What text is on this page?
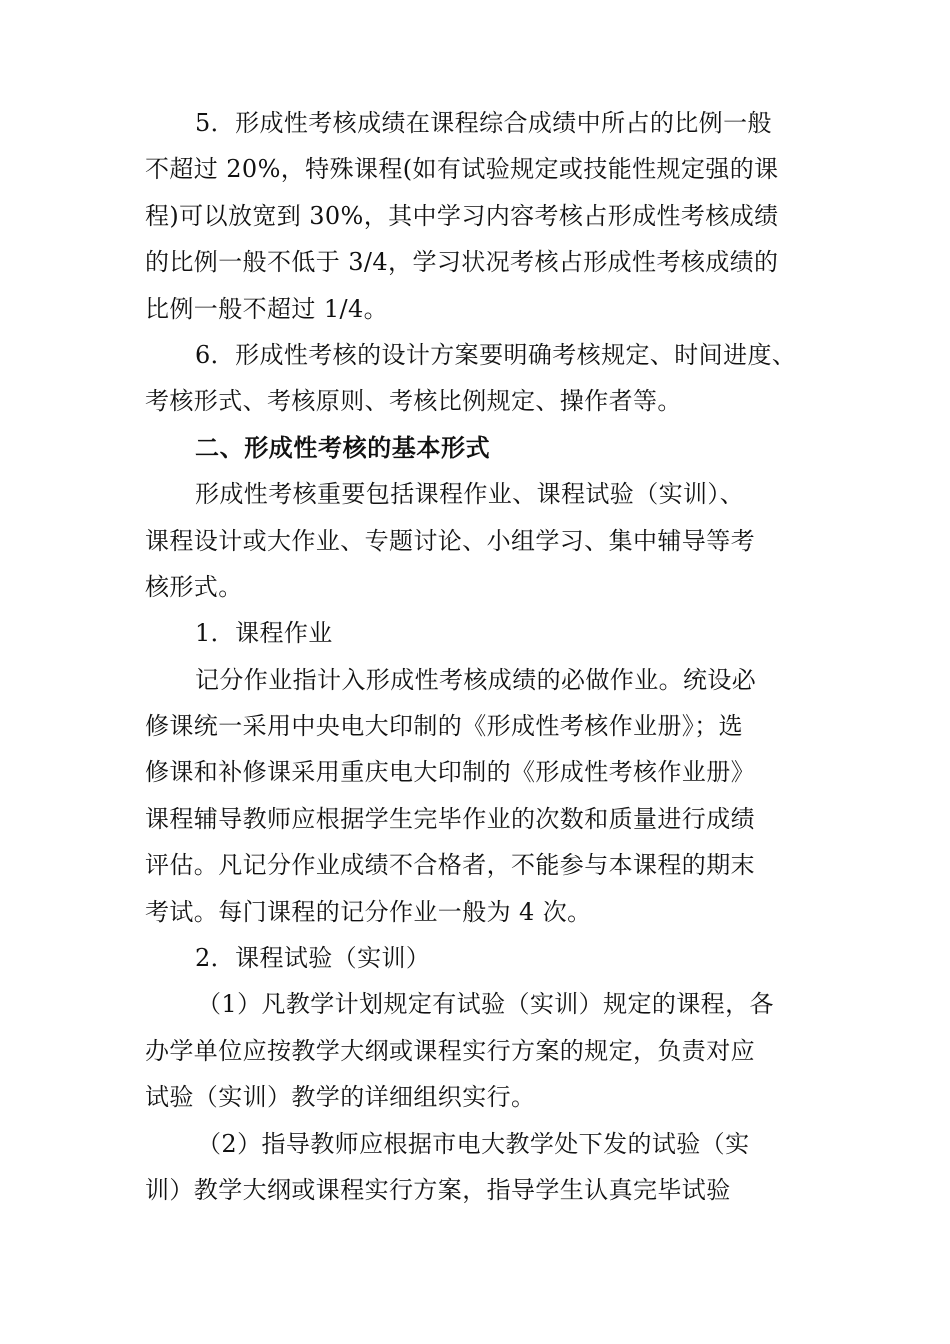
5．形成性考核成绩在课程综合成绩中所占的比例一般
不超过 20%，特殊课程(如有试验规定或技能性规定强的课
程)可以放宽到 30%，其中学习内容考核占形成性考核成绩
的比例一般不低于 3/4，学习状况考核占形成性考核成绩的
比例一般不超过 1/4。
6．形成性考核的设计方案要明确考核规定、时间进度、
考核形式、考核原则、考核比例规定、操作者等。
二、形成性考核的基本形式
形成性考核重要包括课程作业、课程试验（实训）、
课程设计或大作业、专题讨论、小组学习、集中辅导等考
核形式。
1．课程作业
记分作业指计入形成性考核成绩的必做作业。统设必
修课统一采用中央电大印制的《形成性考核作业册》；选
修课和补修课采用重庆电大印制的《形成性考核作业册》
课程辅导教师应根据学生完毕作业的次数和质量进行成绩
评估。凡记分作业成绩不合格者，不能参与本课程的期末
考试。每门课程的记分作业一般为 4 次。
2．课程试验（实训）
（1）凡教学计划规定有试验（实训）规定的课程，各
办学单位应按教学大纲或课程实行方案的规定，负责对应
试验（实训）教学的详细组织实行。
（2）指导教师应根据市电大教学处下发的试验（实
训）教学大纲或课程实行方案，指导学生认真完毕试验
